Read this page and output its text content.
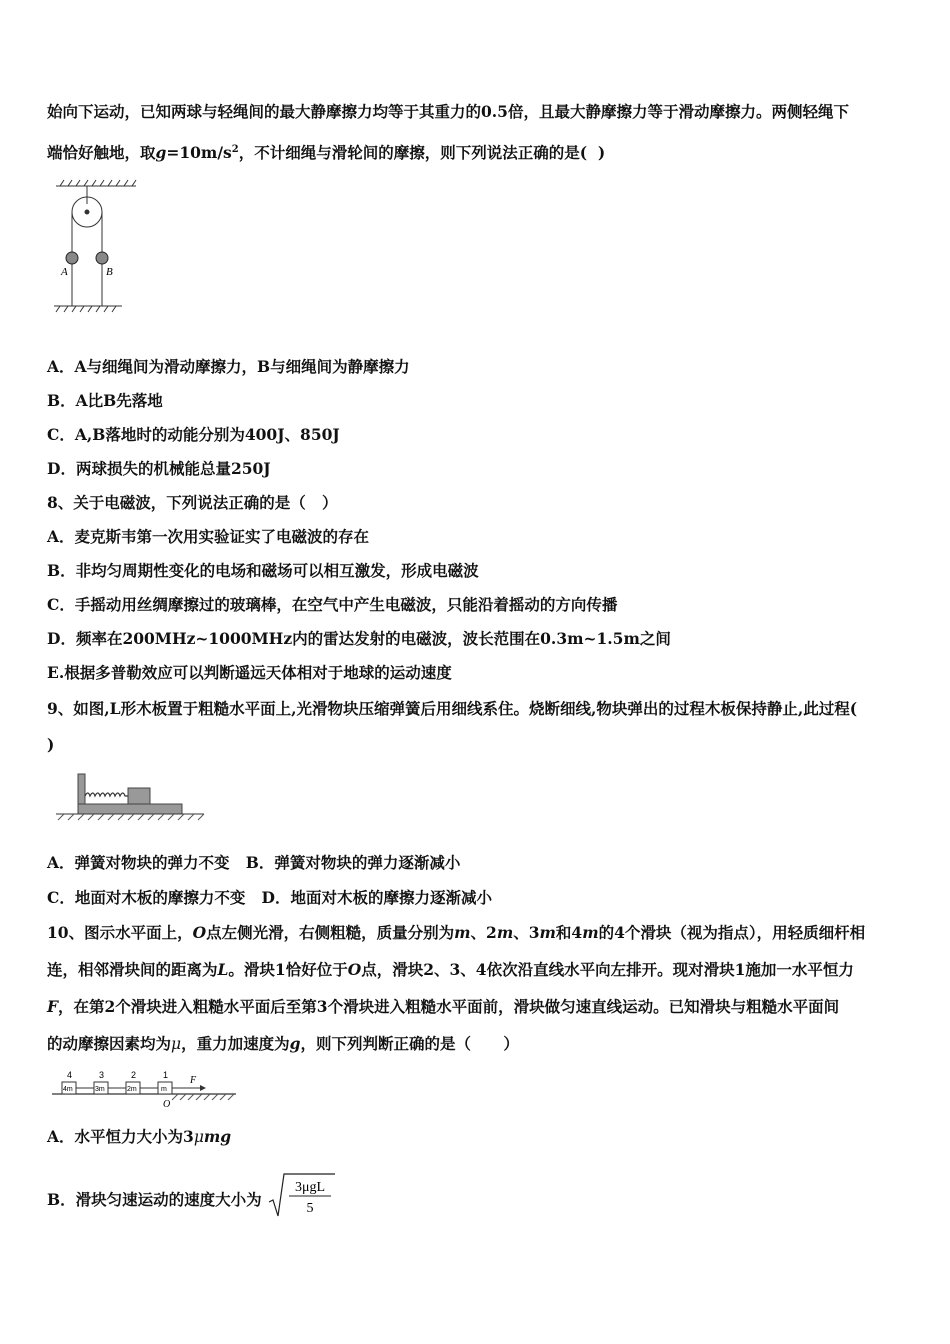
始向下运动，已知两球与轻绳间的最大静摩擦力均等于其重力的0.5倍，且最大静摩擦力等于滑动摩擦力。两侧轻绳下
端恰好触地，取$g=10m/s^2$，不计细绳与滑轮间的摩擦，则下列说法正确的是(  )
A	B
A．A与细绳间为滑动摩擦力，B与细绳间为静摩擦力
B．A比B先落地
C．A,B落地时的动能分别为400J、850J
D．两球损失的机械能总量250J
8、关于电磁波，下列说法正确的是（   ）
A．麦克斯韦第一次用实验证实了电磁波的存在
B．非均匀周期性变化的电场和磁场可以相互激发，形成电磁波
C．手摇动用丝绸摩擦过的玻璃棒，在空气中产生电磁波，只能沿着摇动的方向传播
D．频率在200MHz~1000MHz内的雷达发射的电磁波，波长范围在0.3m~1.5m之间
E.根据多普勒效应可以判断遥远天体相对于地球的运动速度
9、如图,L形木板置于粗糙水平面上,光滑物块压缩弹簧后用细线系住。烧断细线,物块弹出的过程木板保持静止,此过程(
)
A．弹簧对物块的弹力不变   B．弹簧对物块的弹力逐渐减小
C．地面对木板的摩擦力不变   D．地面对木板的摩擦力逐渐减小
10、图示水平面上，O点左侧光滑，右侧粗糙，质量分别为m、2m、3m和4m的4个滑块（视为指点），用轻质细杆相
连，相邻滑块间的距离为L。滑块1恰好位于O点，滑块2、3、4依次沿直线水平向左排开。现对滑块1施加一水平恒力
F，在第2个滑块进入粗糙水平面后至第3个滑块进入粗糙水平面前，滑块做匀速直线运动。已知滑块与粗糙水平面间
的动摩擦因素均为μ，重力加速度为g，则下列判断正确的是（      ）
4	3	2	1
4m	3m	2m	m
F
O
A．水平恒力大小为3μmg
B．滑块匀速运动的速度大小为
3μgL
5
